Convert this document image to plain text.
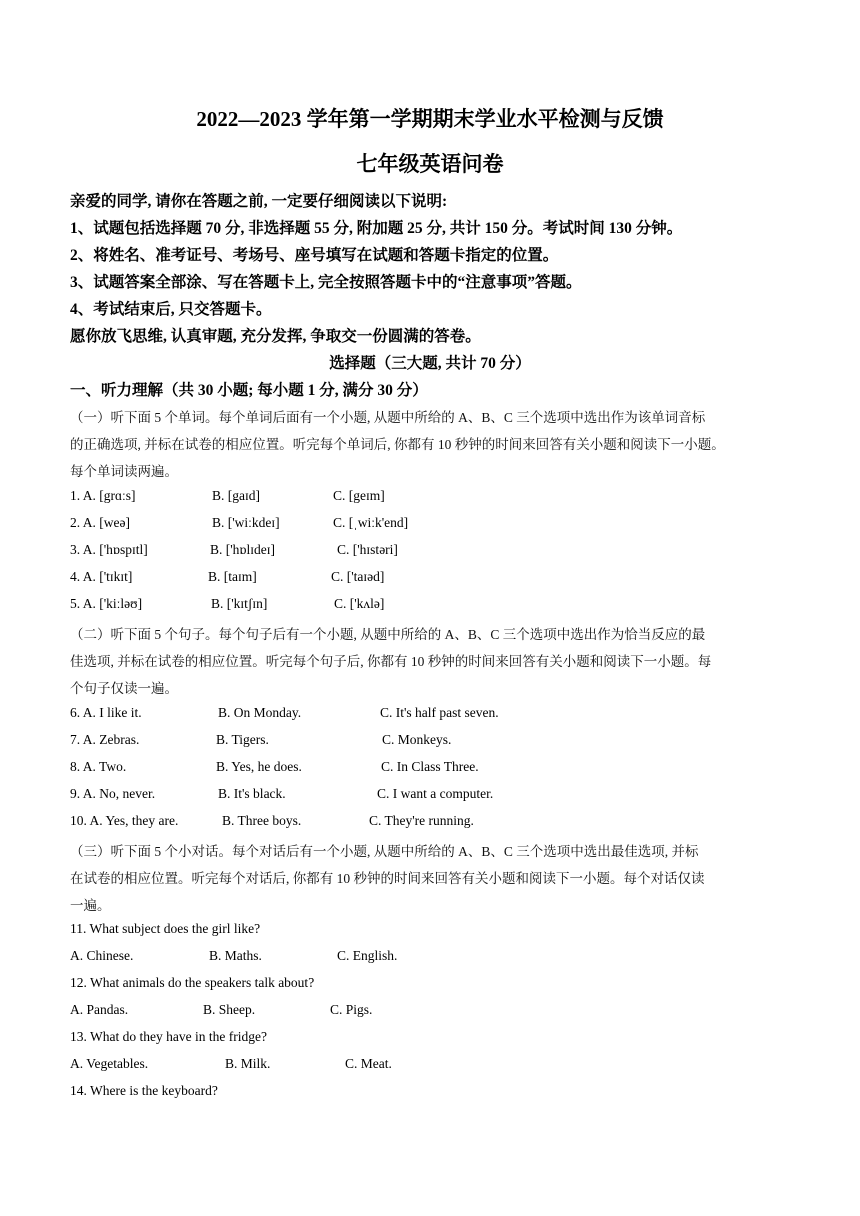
2022—2023 学年第一学期期末学业水平检测与反馈
七年级英语问卷
亲爱的同学, 请你在答题之前, 一定要仔细阅读以下说明:
1、试题包括选择题 70 分, 非选择题 55 分, 附加题 25 分, 共计 150 分。考试时间 130 分钟。
2、将姓名、准考证号、考场号、座号填写在试题和答题卡指定的位置。
3、试题答案全部涂、写在答题卡上, 完全按照答题卡中的“注意事项”答题。
4、考试结束后, 只交答题卡。
愿你放飞思维, 认真审题, 充分发挥, 争取交一份圆满的答卷。
选择题（三大题, 共计 70 分）
一、听力理解（共 30 小题; 每小题 1 分, 满分 30 分）
（一）听下面 5 个单词。每个单词后面有一个小题, 从题中所给的 A、B、C 三个选项中选出作为该单词音标
的正确选项, 并标在试卷的相应位置。听完每个单词后, 你都有 10 秒钟的时间来回答有关小题和阅读下一小题。
每个单词读两遍。
1. A. [grɑːs]	B. [gaɪd]	C. [geɪm]
2. A. [weə]	B. ['wiːkdeɪ]	C. [ˌwiːk'end]
3. A. ['hɒspɪtl]	B. ['hɒlɪdeɪ]	C. ['hɪstəri]
4. A. ['tɪkɪt]	B. [taɪm]	C. ['taɪəd]
5. A. ['kiːləʊ]	B. ['kɪtʃɪn]	C. ['kʌlə]
（二）听下面 5 个句子。每个句子后有一个小题, 从题中所给的 A、B、C 三个选项中选出作为恰当反应的最
佳选项, 并标在试卷的相应位置。听完每个句子后, 你都有 10 秒钟的时间来回答有关小题和阅读下一小题。每
个句子仅读一遍。
6. A. I like it.	B. On Monday.	C. It's half past seven.
7. A. Zebras.	B. Tigers.	C. Monkeys.
8. A. Two.	B. Yes, he does.	C. In Class Three.
9. A. No, never.	B. It's black.	C. I want a computer.
10. A. Yes, they are.	B. Three boys.	C. They're running.
（三）听下面 5 个小对话。每个对话后有一个小题, 从题中所给的 A、B、C 三个选项中选出最佳选项, 并标
在试卷的相应位置。听完每个对话后, 你都有 10 秒钟的时间来回答有关小题和阅读下一小题。每个对话仅读
一遍。
11. What subject does the girl like?
A. Chinese.	B. Maths.	C. English.
12. What animals do the speakers talk about?
A. Pandas.	B. Sheep.	C. Pigs.
13. What do they have in the fridge?
A. Vegetables.	B. Milk.	C. Meat.
14. Where is the keyboard?
